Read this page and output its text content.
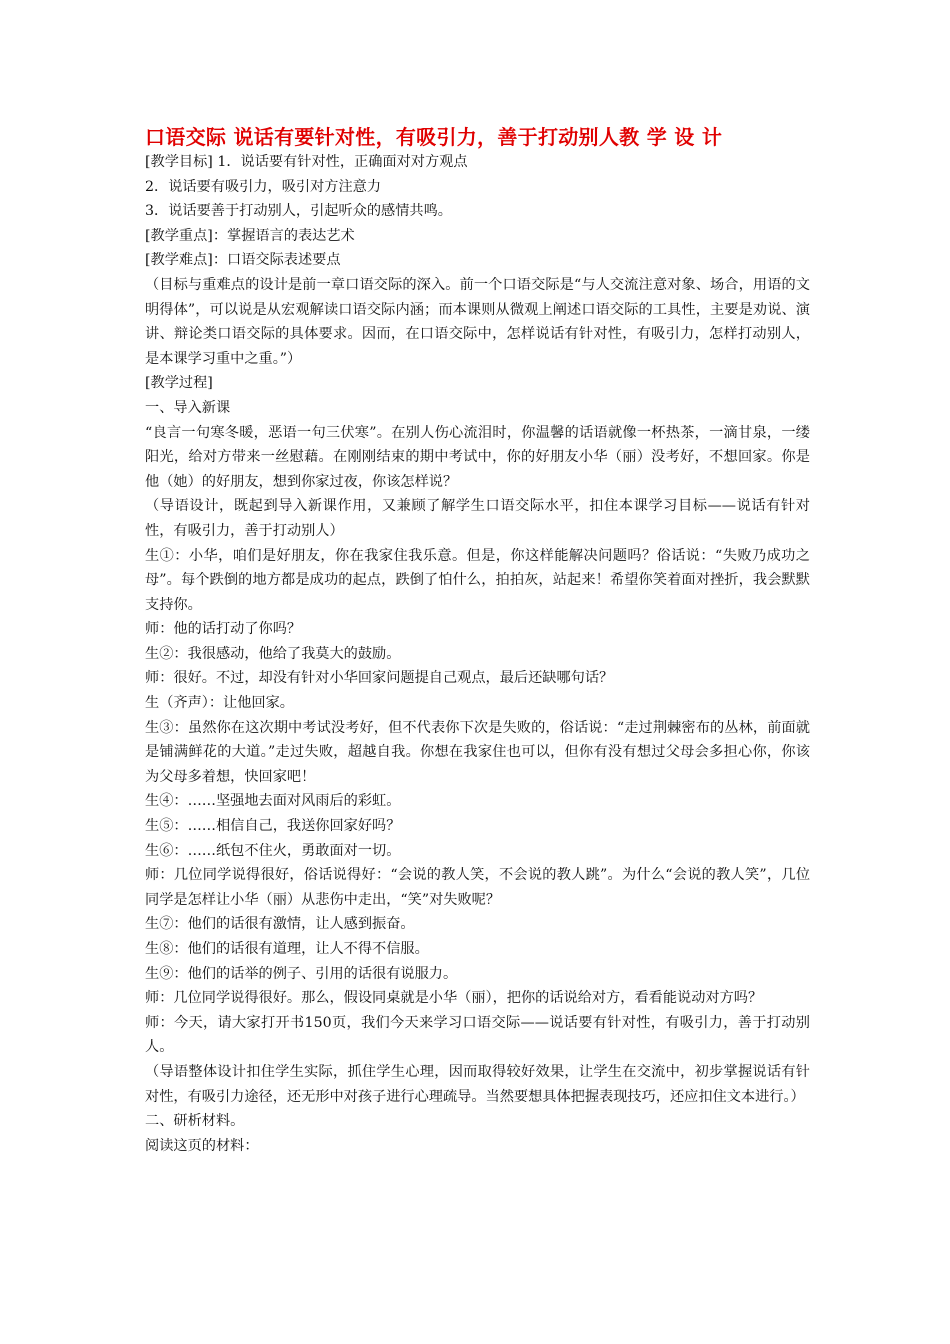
口语交际 说话有要针对性，有吸引力，善于打动别人教 学 设 计

[教学目标] 1．说话要有针对性，正确面对对方观点

2．说话要有吸引力，吸引对方注意力

3．说话要善于打动别人，引起听众的感情共鸣。

[教学重点]：掌握语言的表达艺术

[教学难点]：口语交际表述要点

（目标与重难点的设计是前一章口语交际的深入。前一个口语交际是“与人交流注意对象、场合，用语的文明得体”，可以说是从宏观解读口语交际内涵；而本课则从微观上阐述口语交际的工具性，主要是劝说、演讲、辩论类口语交际的具体要求。因而，在口语交际中，怎样说话有针对性，有吸引力，怎样打动别人，是本课学习重中之重。”）

[教学过程]

一、导入新课

“良言一句寒冬暖，恶语一句三伏寒”。在别人伤心流泪时，你温馨的话语就像一杯热茶，一滴甘泉，一缕阳光，给对方带来一丝慰藉。在刚刚结束的期中考试中，你的好朋友小华（丽）没考好，不想回家。你是他（她）的好朋友，想到你家过夜，你该怎样说？

（导语设计，既起到导入新课作用，又兼顾了解学生口语交际水平，扣住本课学习目标——说话有针对性，有吸引力，善于打动别人）

生①：小华，咱们是好朋友，你在我家住我乐意。但是，你这样能解决问题吗？俗话说：“失败乃成功之母”。每个跌倒的地方都是成功的起点，跌倒了怕什么，拍拍灰，站起来！希望你笑着面对挫折，我会默默支持你。

师：他的话打动了你吗？

生②：我很感动，他给了我莫大的鼓励。

师：很好。不过，却没有针对小华回家问题提自己观点，最后还缺哪句话？

生（齐声）：让他回家。

生③：虽然你在这次期中考试没考好，但不代表你下次是失败的，俗话说：“走过荆棘密布的丛林，前面就是铺满鲜花的大道。”走过失败，超越自我。你想在我家住也可以，但你有没有想过父母会多担心你，你该为父母多着想，快回家吧！

生④：……坚强地去面对风雨后的彩虹。

生⑤：……相信自己，我送你回家好吗？

生⑥：……纸包不住火，勇敢面对一切。

师：几位同学说得很好，俗话说得好：“会说的教人笑，不会说的教人跳”。为什么“会说的教人笑”，几位同学是怎样让小华（丽）从悲伤中走出，“笑”对失败呢？

生⑦：他们的话很有激情，让人感到振奋。

生⑧：他们的话很有道理，让人不得不信服。

生⑨：他们的话举的例子、引用的话很有说服力。

师：几位同学说得很好。那么，假设同桌就是小华（丽），把你的话说给对方，看看能说动对方吗？

师：今天，请大家打开书150页，我们今天来学习口语交际——说话要有针对性，有吸引力，善于打动别人。

（导语整体设计扣住学生实际，抓住学生心理，因而取得较好效果，让学生在交流中，初步掌握说话有针对性，有吸引力途径，还无形中对孩子进行心理疏导。当然要想具体把握表现技巧，还应扣住文本进行。）

二、研析材料。

阅读这页的材料：
